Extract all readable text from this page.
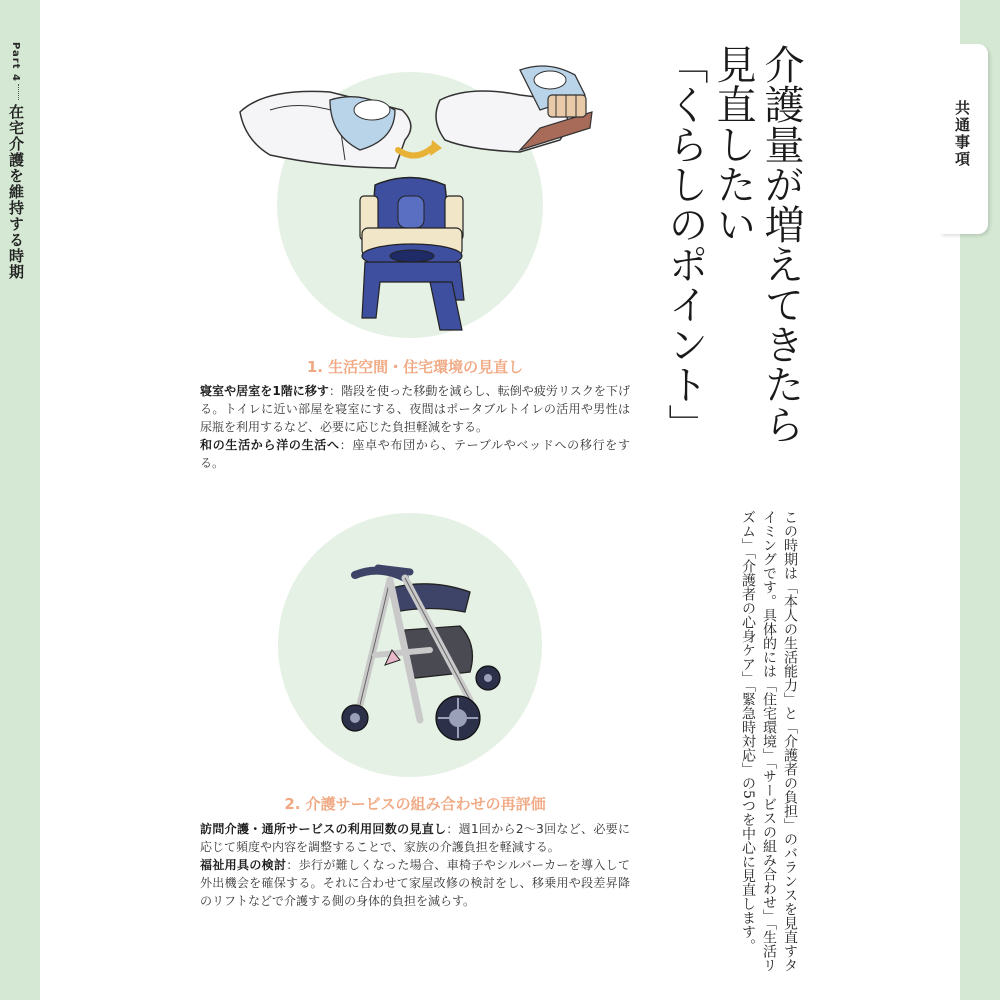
Part 4
在宅介護を維持する時期	共通事項
1. 生活空間・住宅環境の見直し

寝室や居室を1階に移す：階段を使った移動を減らし、転倒や疲労リスクを下げる。トイレに近い部屋を寝室にする、夜間はポータブルトイレの活用や男性は尿瓶を利用するなど、必要に応じた負担軽減をする。

和の生活から洋の生活へ：座卓や布団から、テーブルやベッドへの移行をする。

2. 介護サービスの組み合わせの再評価

訪問介護・通所サービスの利用回数の見直し：週1回から2〜3回など、必要に応じて頻度や内容を調整することで、家族の介護負担を軽減する。

福祉用具の検討：歩行が難しくなった場合、車椅子やシルバーカーを導入して外出機会を確保する。それに合わせて家屋改修の検討をし、移乗用や段差昇降のリフトなどで介護する側の身体的負担を減らす。

介護量が増えてきたら
見直したい
「くらしのポイント」
この時期は「本人の生活能力」と「介護者の負担」のバランスを見直すタイミングです。具体的には「住宅環境」「サービスの組み合わせ」「生活リズム」「介護者の心身ケア」「緊急時対応」の5つを中心に見直します。
